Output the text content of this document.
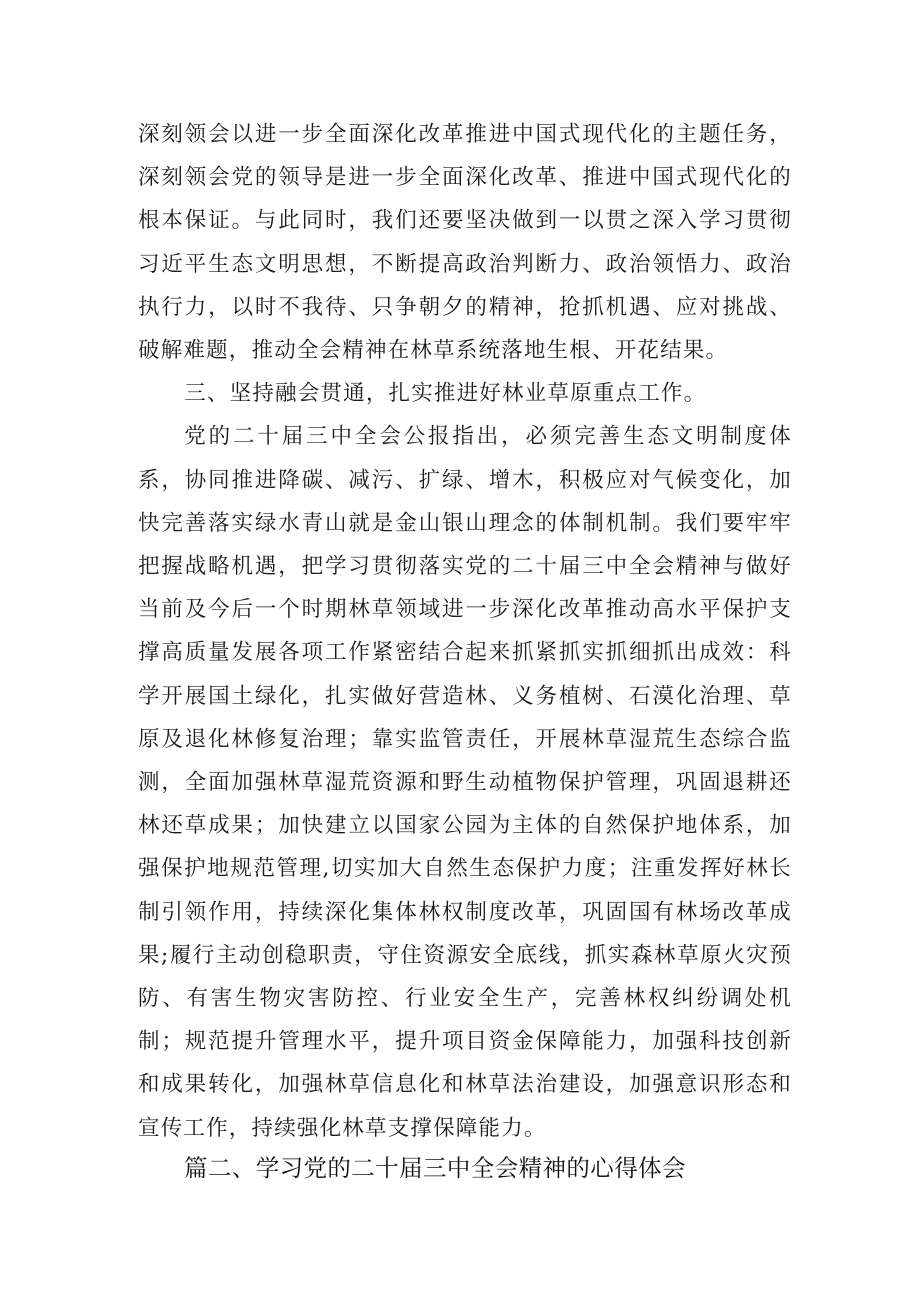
深刻领会以进一步全面深化改革推进中国式现代化的主题任务，深刻领会党的领导是进一步全面深化改革、推进中国式现代化的根本保证。与此同时，我们还要坚决做到一以贯之深入学习贯彻习近平生态文明思想，不断提高政治判断力、政治领悟力、政治执行力，以时不我待、只争朝夕的精神，抢抓机遇、应对挑战、破解难题，推动全会精神在林草系统落地生根、开花结果。

三、坚持融会贯通，扎实推进好林业草原重点工作。

党的二十届三中全会公报指出，必须完善生态文明制度体系，协同推进降碳、减污、扩绿、增木，积极应对气候变化，加快完善落实绿水青山就是金山银山理念的体制机制。我们要牢牢把握战略机遇，把学习贯彻落实党的二十届三中全会精神与做好当前及今后一个时期林草领域进一步深化改革推动高水平保护支撑高质量发展各项工作紧密结合起来抓紧抓实抓细抓出成效：科学开展国土绿化，扎实做好营造林、义务植树、石漠化治理、草原及退化林修复治理；靠实监管责任，开展林草湿荒生态综合监测，全面加强林草湿荒资源和野生动植物保护管理，巩固退耕还林还草成果；加快建立以国家公园为主体的自然保护地体系，加强保护地规范管理,切实加大自然生态保护力度；注重发挥好林长制引领作用，持续深化集体林权制度改革，巩固国有林场改革成果;履行主动创稳职责，守住资源安全底线，抓实森林草原火灾预防、有害生物灾害防控、行业安全生产，完善林权纠纷调处机制；规范提升管理水平，提升项目资金保障能力，加强科技创新和成果转化，加强林草信息化和林草法治建设，加强意识形态和宣传工作，持续强化林草支撑保障能力。

篇二、学习党的二十届三中全会精神的心得体会
